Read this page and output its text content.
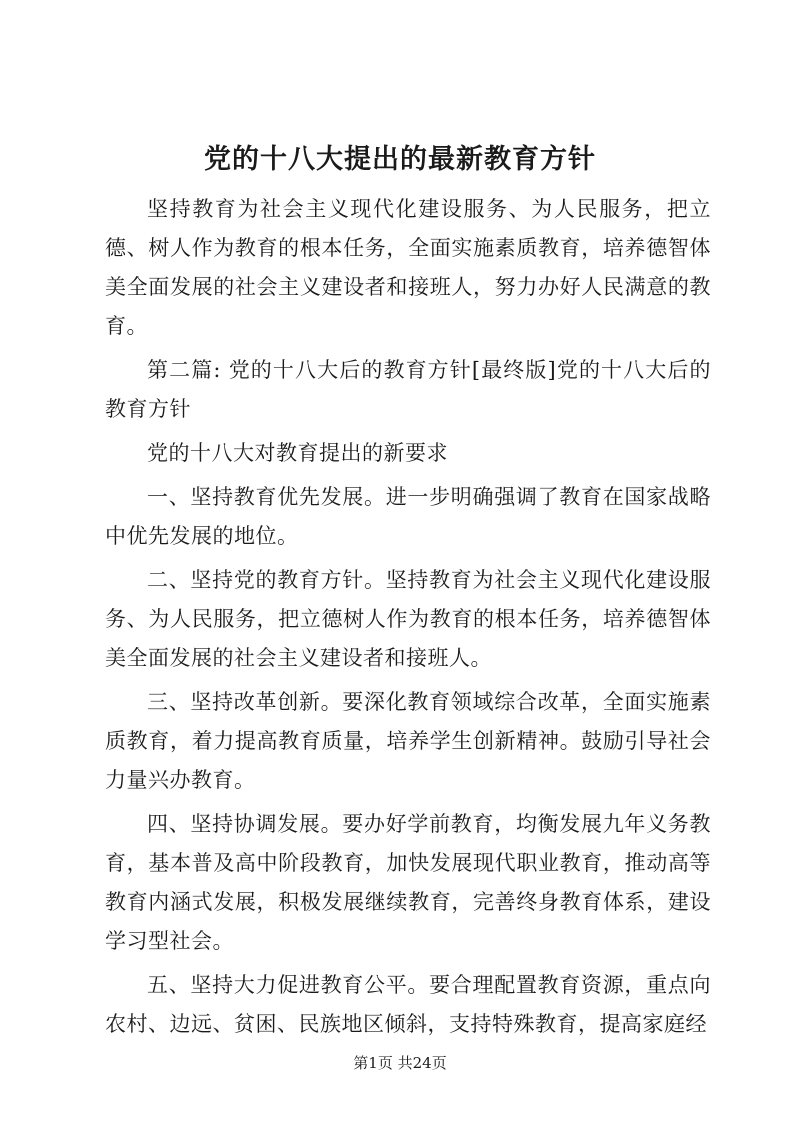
党的十八大提出的最新教育方针

坚持教育为社会主义现代化建设服务、为人民服务，把立德、树人作为教育的根本任务，全面实施素质教育，培养德智体美全面发展的社会主义建设者和接班人，努力办好人民满意的教育。

第二篇: 党的十八大后的教育方针[最终版]党的十八大后的教育方针

党的十八大对教育提出的新要求

一、坚持教育优先发展。进一步明确强调了教育在国家战略中优先发展的地位。

二、坚持党的教育方针。坚持教育为社会主义现代化建设服务、为人民服务，把立德树人作为教育的根本任务，培养德智体美全面发展的社会主义建设者和接班人。

三、坚持改革创新。要深化教育领域综合改革，全面实施素质教育，着力提高教育质量，培养学生创新精神。鼓励引导社会力量兴办教育。

四、坚持协调发展。要办好学前教育，均衡发展九年义务教育，基本普及高中阶段教育，加快发展现代职业教育，推动高等教育内涵式发展，积极发展继续教育，完善终身教育体系，建设学习型社会。

五、坚持大力促进教育公平。要合理配置教育资源，重点向农村、边远、贫困、民族地区倾斜，支持特殊教育，提高家庭经

第1页 共24页
